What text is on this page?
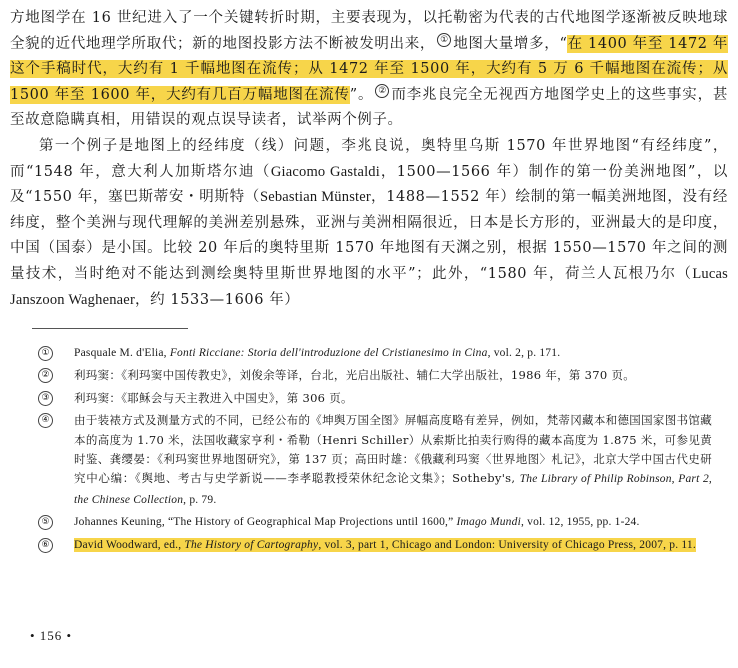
方地图学在 16 世纪进入了一个关键转折时期，主要表现为，以托勒密为代表的古代地图学逐渐被反映地球全貌的近代地理学所取代；新的地图投影方法不断被发明出来， ① 地图大量增多，“在 1400 年至 1472 年这个手稿时代，大约有 1 千幅地图在流传；从 1472 年至 1500 年，大约有 5 万 6 千幅地图在流传；从 1500 年至 1600 年，大约有几百万幅地图在流传”。 ② 而李兆良完全无视西方地图学史上的这些事实，甚至故意隐瞒真相，用错误的观点误导读者，试举两个例子。

第一个例子是地图上的经纬度（线）问题，李兆良说，奥特里乌斯 1570 年世界地图“有经纬度”，而“1548 年，意大利人加斯塔尔迪（Giacomo Gastaldi，1500—1566 年）制作的第一份美洲地图”，以及“1550 年，塞巴斯蒂安・明斯特（Sebastian Münster，1488—1552 年）绘制的第一幅美洲地图，没有经纬度，整个美洲与现代理解的美洲差别悬殊，亚洲与美洲相隔很近，日本是长方形的，亚洲最大的是印度，中国（国泰）是小国。比较 20 年后的奥特里斯 1570 年地图有天渊之别，根据 1550—1570 年之间的测量技术，当时绝对不能达到测绘奥特里斯世界地图的水平”；此外，“1580 年，荷兰人瓦根乃尔（Lucas Janszoon Waghenaer，约 1533—1606 年）

①	Pasquale M. d'Elia, Fonti Ricciane: Storia dell'introduzione del Cristianesimo in Cina, vol. 2, p. 171.
②	利玛窦：《利玛窦中国传教史》，刘俊余等译，台北，光启出版社、辅仁大学出版社，1986 年，第 370 页。
③	利玛窦：《耶稣会与天主教进入中国史》，第 306 页。
④	由于装裱方式及测量方式的不同，已经公布的《坤舆万国全图》屏幅高度略有差异，例如，梵蒂冈藏本和德国国家图书馆藏本的高度为 1.70 米，法国收藏家亨利・希勒（Henri Schiller）从索斯比拍卖行购得的藏本高度为 1.875 米，可参见黄时鉴、龚缨晏：《利玛窦世界地图研究》，第 137 页；高田时雄：《俄藏利玛窦〈世界地图〉札记》，北京大学中国古代史研究中心编：《舆地、考古与史学新说——李孝聪教授荣休纪念论文集》；Sotheby's, The Library of Philip Robinson, Part 2, the Chinese Collection, p. 79.
⑤	Johannes Keuning, “The History of Geographical Map Projections until 1600,” Imago Mundi, vol. 12, 1955, pp. 1-24.
⑥	David Woodward, ed., The History of Cartography, vol. 3, part 1, Chicago and London: University of Chicago Press, 2007, p. 11.
• 156 •
